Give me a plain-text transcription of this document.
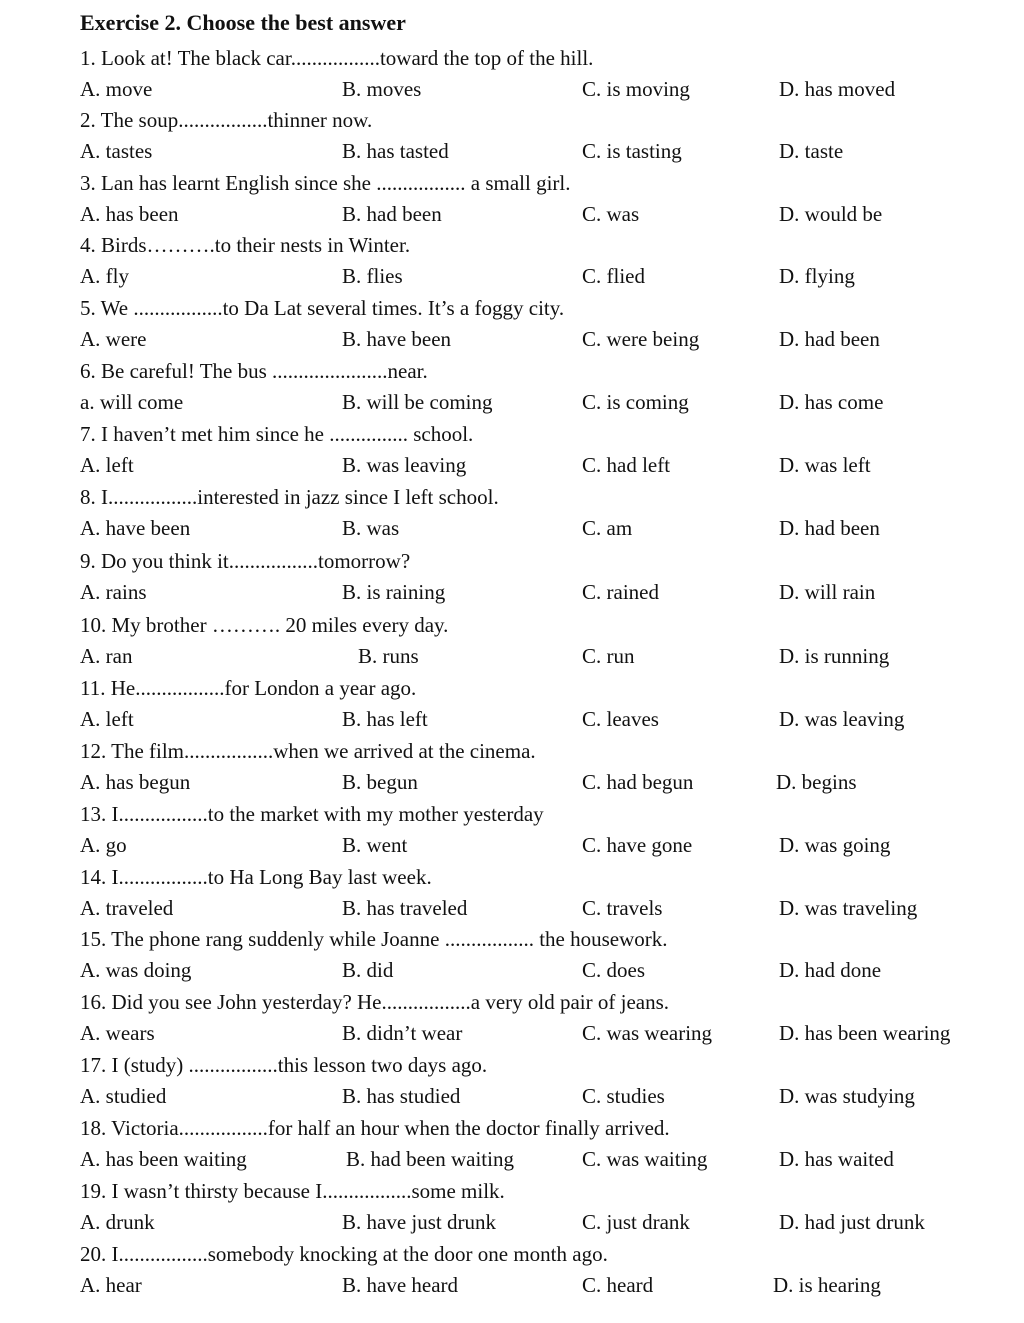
Exercise 2. Choose the best answer
1. Look at! The black car.................toward the top of the hill.
A. move	B. moves	C. is moving	D. has moved
2. The soup.................thinner now.
A. tastes	B. has tasted	C. is tasting	D. taste
3. Lan has learnt English since she ................. a small girl.
A. has been	B. had been	C. was	D. would be
4. Birds……….to their nests in Winter.
A. fly	B. flies	C. flied	D. flying
5. We .................to Da Lat several times. It’s a foggy city.
A. were	B. have been	C. were being	D. had been
6. Be careful! The bus ......................near.
a. will come	B. will be coming	C. is coming	D. has come
7. I haven’t met him since he ............... school.
A. left	B. was leaving	C. had left	D. was left
8. I.................interested in jazz since I left school.
A. have been	B. was	C. am	D. had been
9. Do you think it.................tomorrow?
A. rains	B. is raining	C. rained	D. will rain
10. My brother ………. 20 miles every day.
A. ran	B. runs	C. run	D. is running
11. He.................for London a year ago.
A. left	B. has left	C. leaves	D. was leaving
12. The film.................when we arrived at the cinema.
A. has begun	B. begun	C. had begun	D. begins
13. I.................to the market with my mother yesterday
A. go	B. went	C. have gone	D. was going
14. I.................to Ha Long Bay last week.
A. traveled	B. has traveled	C. travels	D. was traveling
15. The phone rang suddenly while Joanne ................. the housework.
A. was doing	B. did	C. does	D. had done
16. Did you see John yesterday? He.................a very old pair of jeans.
A. wears	B. didn’t wear	C. was wearing	D. has been wearing
17. I (study) .................this lesson two days ago.
A. studied	B. has studied	C. studies	D. was studying
18. Victoria.................for half an hour when the doctor finally arrived.
A. has been waiting	B. had been waiting	C. was waiting	D. has waited
19. I wasn’t thirsty because I.................some milk.
A. drunk	B. have just drunk	C. just drank	D. had just drunk
20. I.................somebody knocking at the door one month ago.
A. hear	B. have heard	C. heard	D. is hearing
